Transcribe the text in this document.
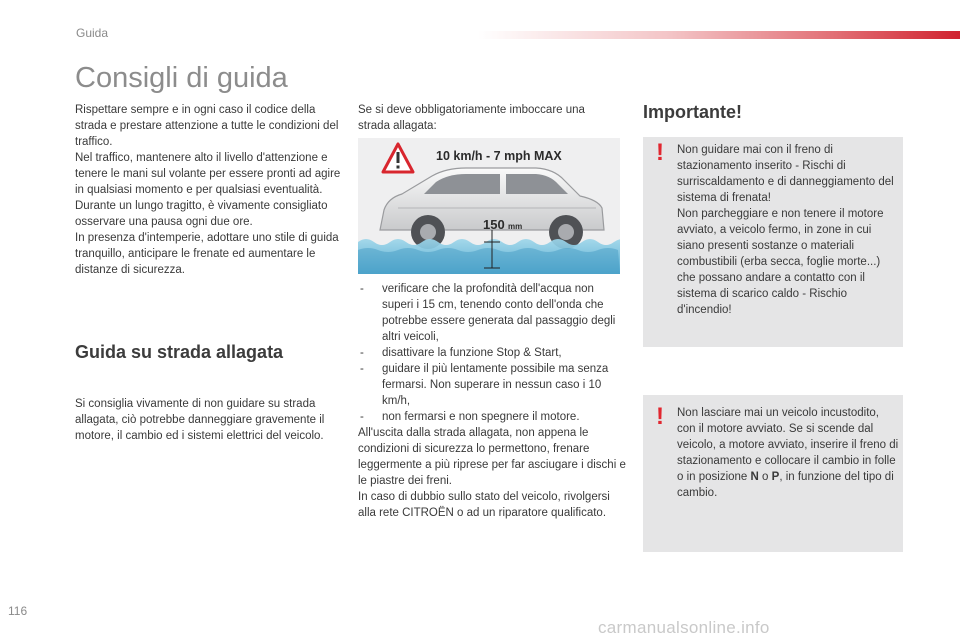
Guida
Consigli di guida

Rispettare sempre e in ogni caso il codice della strada e prestare attenzione a tutte le condizioni del traffico.

Nel traffico, mantenere alto il livello d'attenzione e tenere le mani sul volante per essere pronti ad agire in qualsiasi momento e per qualsiasi eventualità.

Durante un lungo tragitto, è vivamente consigliato osservare una pausa ogni due ore.

In presenza d'intemperie, adottare uno stile di guida tranquillo, anticipare le frenate ed aumentare le distanze di sicurezza.

Guida su strada allagata
Si consiglia vivamente di non guidare su strada allagata, ciò potrebbe danneggiare gravemente il motore, il cambio ed i sistemi elettrici del veicolo.
Se si deve obbligatoriamente imboccare una strada allagata:
150 mm
10 km/h - 7 mph MAX
- verificare che la profondità dell'acqua non superi i 15 cm, tenendo conto dell'onda che potrebbe essere generata dal passaggio degli altri veicoli,
- disattivare la funzione Stop & Start,
- guidare il più lentamente possibile ma senza fermarsi. Non superare in nessun caso i 10 km/h,
- non fermarsi e non spegnere il motore.

All'uscita dalla strada allagata, non appena le condizioni di sicurezza lo permettono, frenare leggermente a più riprese per far asciugare i dischi e le piastre dei freni.

In caso di dubbio sullo stato del veicolo, rivolgersi alla rete CITROËN o ad un riparatore qualificato.

Importante!
! Non guidare mai con il freno di stazionamento inserito - Rischi di surriscaldamento e di danneggiamento del sistema di frenata!

Non parcheggiare e non tenere il motore avviato, a veicolo fermo, in zone in cui siano presenti sostanze o materiali combustibili (erba secca, foglie morte...) che possano andare a contatto con il sistema di scarico caldo - Rischio d'incendio!

! Non lasciare mai un veicolo incustodito, con il motore avviato. Se si scende dal veicolo, a motore avviato, inserire il freno di stazionamento e collocare il cambio in folle o in posizione N o P, in funzione del tipo di cambio.
116
carmanualsonline.info
